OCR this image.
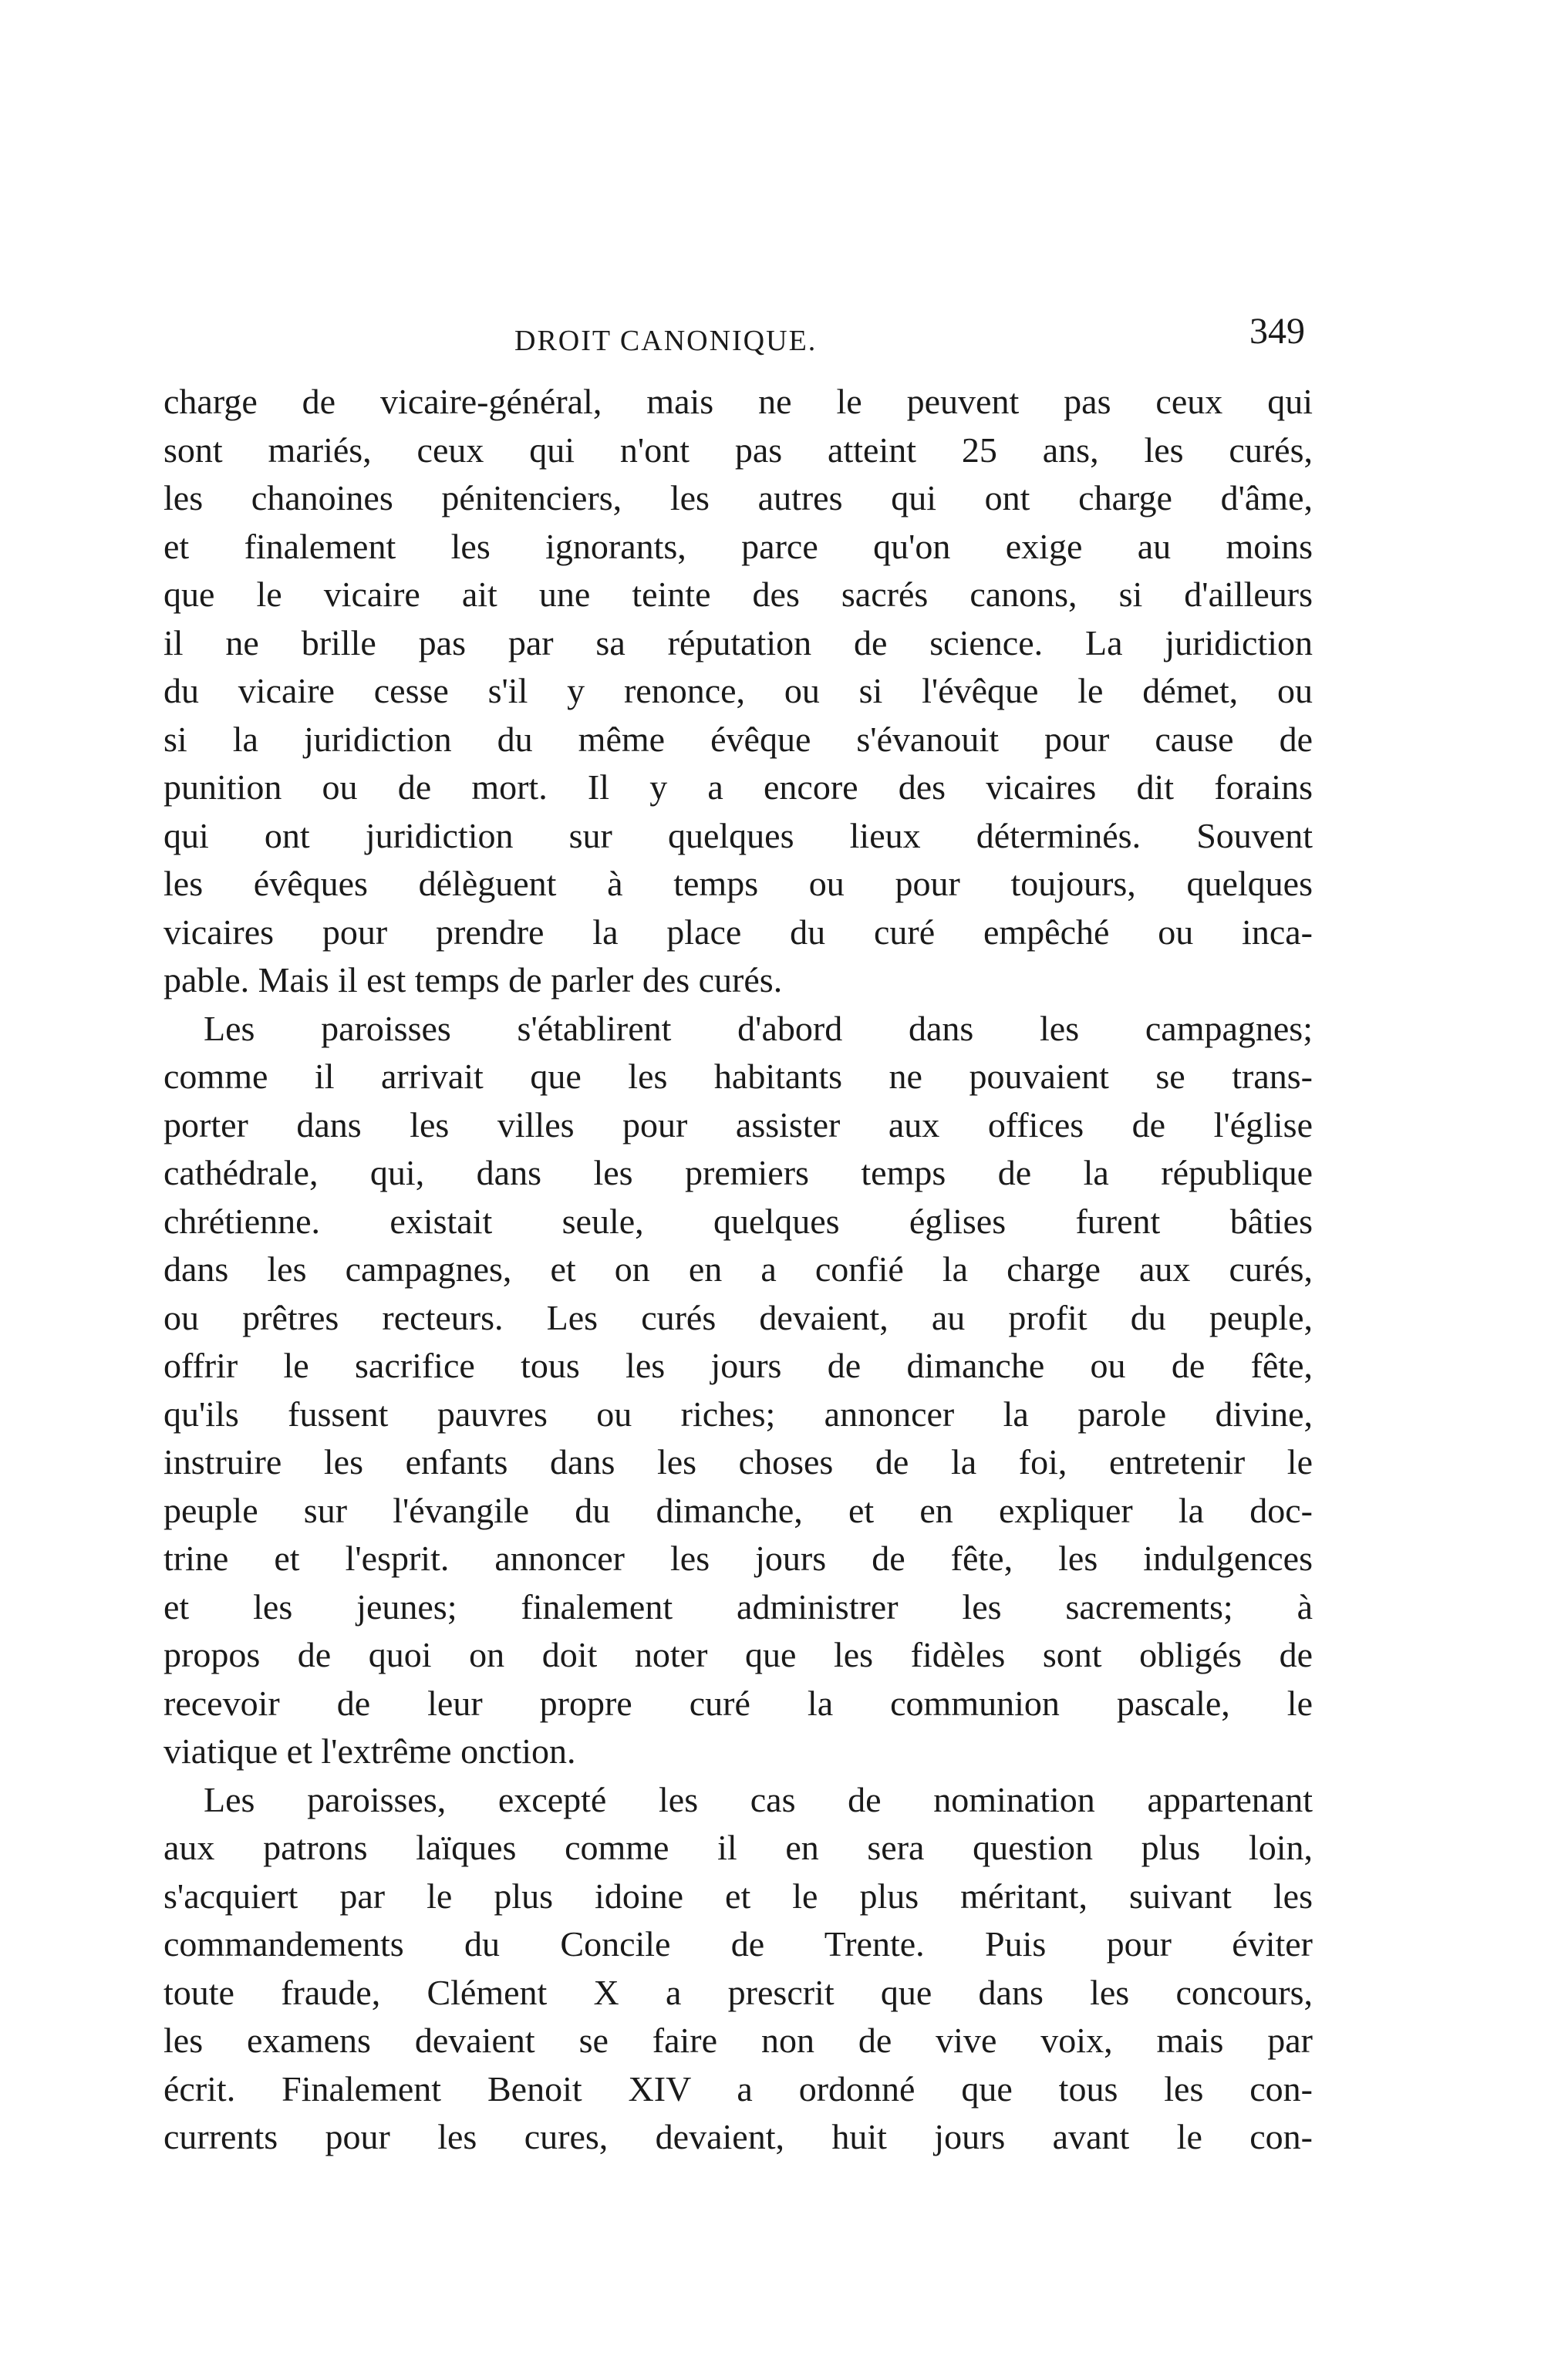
DROIT CANONIQUE.	349
charge de vicaire-général, mais ne le peuvent pas ceux qui
sont mariés, ceux qui n'ont pas atteint 25 ans, les curés,
les chanoines pénitenciers, les autres qui ont charge d'âme,
et finalement les ignorants, parce qu'on exige au moins
que le vicaire ait une teinte des sacrés canons, si d'ailleurs
il ne brille pas par sa réputation de science. La juridiction
du vicaire cesse s'il y renonce, ou si l'évêque le démet, ou
si la juridiction du même évêque s'évanouit pour cause de
punition ou de mort. Il y a encore des vicaires dit forains
qui ont juridiction sur quelques lieux déterminés. Souvent
les évêques délèguent à temps ou pour toujours, quelques
vicaires pour prendre la place du curé empêché ou inca-
pable. Mais il est temps de parler des curés.
Les paroisses s'établirent d'abord dans les campagnes;
comme il arrivait que les habitants ne pouvaient se trans-
porter dans les villes pour assister aux offices de l'église
cathédrale, qui, dans les premiers temps de la république
chrétienne. existait seule, quelques églises furent bâties
dans les campagnes, et on en a confié la charge aux curés,
ou prêtres recteurs. Les curés devaient, au profit du peuple,
offrir le sacrifice tous les jours de dimanche ou de fête,
qu'ils fussent pauvres ou riches; annoncer la parole divine,
instruire les enfants dans les choses de la foi, entretenir le
peuple sur l'évangile du dimanche, et en expliquer la doc-
trine et l'esprit. annoncer les jours de fête, les indulgences
et les jeunes; finalement administrer les sacrements; à
propos de quoi on doit noter que les fidèles sont obligés de
recevoir de leur propre curé la communion pascale, le
viatique et l'extrême onction.
Les paroisses, excepté les cas de nomination appartenant
aux patrons laïques comme il en sera question plus loin,
s'acquiert par le plus idoine et le plus méritant, suivant les
commandements du Concile de Trente. Puis pour éviter
toute fraude, Clément X a prescrit que dans les concours,
les examens devaient se faire non de vive voix, mais par
écrit. Finalement Benoit XIV a ordonné que tous les con-
currents pour les cures, devaient, huit jours avant le con-
